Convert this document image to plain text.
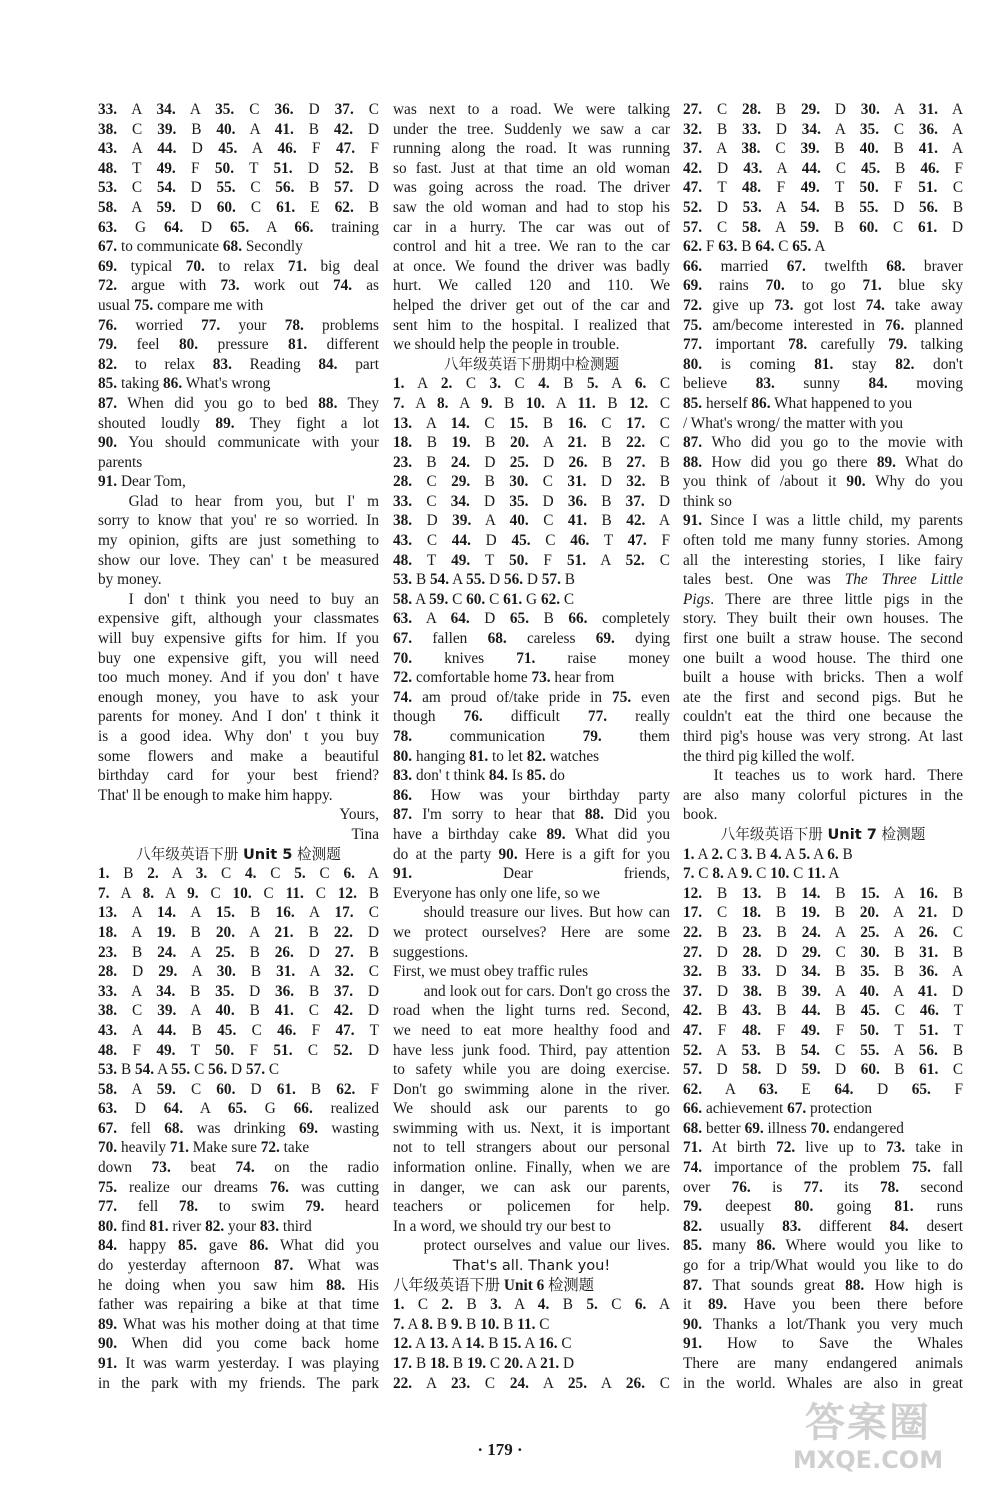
33. A 34. A 35. C 36. D 37. C
38. C 39. B 40. A 41. B 42. D
43. A 44. D 45. A 46. F 47. F
48. T 49. F 50. T 51. D 52. B
53. C 54. D 55. C 56. B 57. D
58. A 59. D 60. C 61. E 62. B
63. G 64. D 65. A 66. training
67. to communicate 68. Secondly
69. typical 70. to relax 71. big deal
72. argue with 73. work out 74. as
usual 75. compare me with
76. worried 77. your 78. problems
79. feel 80. pressure 81. different
82. to relax 83. Reading 84. part
85. taking 86. What's wrong
87. When did you go to bed 88. They
shouted loudly 89. They fight a lot
90. You should communicate with your
parents
91. Dear Tom,
Glad to hear from you, but I' m
sorry to know that you' re so worried. In
my opinion, gifts are just something to
show our love. They can' t be measured
by money.
I don' t think you need to buy an
expensive gift, although your classmates
will buy expensive gifts for him. If you
buy one expensive gift, you will need
too much money. And if you don' t have
enough money, you have to ask your
parents for money. And I don' t think it
is a good idea. Why don' t you buy
some flowers and make a beautiful
birthday card for your best friend?
That' ll be enough to make him happy.
Yours,
Tina
八年级英语下册 Unit 5 检测题
1. B 2. A 3. C 4. C 5. C 6. A
7. A 8. A 9. C 10. C 11. C 12. B
13. A 14. A 15. B 16. A 17. C
18. A 19. B 20. A 21. B 22. D
23. B 24. A 25. B 26. D 27. B
28. D 29. A 30. B 31. A 32. C
33. A 34. B 35. D 36. B 37. D
38. C 39. A 40. B 41. C 42. D
43. A 44. B 45. C 46. F 47. T
48. F 49. T 50. F 51. C 52. D
53. B 54. A 55. C 56. D 57. C
58. A 59. C 60. D 61. B 62. F
63. D 64. A 65. G 66. realized
67. fell 68. was drinking 69. wasting
70. heavily 71. Make sure 72. take
down 73. beat 74. on the radio
75. realize our dreams 76. was cutting
77. fell 78. to swim 79. heard
80. find 81. river 82. your 83. third
84. happy 85. gave 86. What did you
do yesterday afternoon 87. What was
he doing when you saw him 88. His
father was repairing a bike at that time
89. What was his mother doing at that time
90. When did you come back home
91. It was warm yesterday. I was playing
in the park with my friends. The park
was next to a road. We were talking
under the tree. Suddenly we saw a car
running along the road. It was running
so fast. Just at that time an old woman
was going across the road. The driver
saw the old woman and had to stop his
car in a hurry. The car was out of
control and hit a tree. We ran to the car
at once. We found the driver was badly
hurt. We called 120 and 110. We
helped the driver get out of the car and
sent him to the hospital. I realized that
we should help the people in trouble.
八年级英语下册期中检测题
1. A 2. C 3. C 4. B 5. A 6. C
7. A 8. A 9. B 10. A 11. B 12. C
13. A 14. C 15. B 16. C 17. C
18. B 19. B 20. A 21. B 22. C
23. B 24. D 25. D 26. B 27. B
28. C 29. B 30. C 31. D 32. B
33. C 34. D 35. D 36. B 37. D
38. D 39. A 40. C 41. B 42. A
43. C 44. D 45. C 46. T 47. F
48. T 49. T 50. F 51. A 52. C
53. B 54. A 55. D 56. D 57. B
58. A 59. C 60. C 61. G 62. C
63. A 64. D 65. B 66. completely
67. fallen 68. careless 69. dying
70. knives 71. raise money
72. comfortable home 73. hear from
74. am proud of/take pride in 75. even
though 76. difficult 77. really
78. communication 79. them
80. hanging 81. to let 82. watches
83. don' t think 84. Is 85. do
86. How was your birthday party
87. I'm sorry to hear that 88. Did you
have a birthday cake 89. What did you
do at the party 90. Here is a gift for you
91. Dear friends,
Everyone has only one life, so we
should treasure our lives. But how can
we protect ourselves? Here are some
suggestions.
First, we must obey traffic rules
and look out for cars. Don't go cross the
road when the light turns red. Second,
we need to eat more healthy food and
have less junk food. Third, pay attention
to safety while you are doing exercise.
Don't go swimming alone in the river.
We should ask our parents to go
swimming with us. Next, it is important
not to tell strangers about our personal
information online. Finally, when we are
in danger, we can ask our parents,
teachers or policemen for help.
In a word, we should try our best to
protect ourselves and value our lives.
That's all. Thank you!
八年级英语下册 Unit 6 检测题
1. C 2. B 3. A 4. B 5. C 6. A
7. A 8. B 9. B 10. B 11. C
12. A 13. A 14. B 15. A 16. C
17. B 18. B 19. C 20. A 21. D
22. A 23. C 24. A 25. A 26. C
27. C 28. B 29. D 30. A 31. A
32. B 33. D 34. A 35. C 36. A
37. A 38. C 39. B 40. B 41. A
42. D 43. A 44. C 45. B 46. F
47. T 48. F 49. T 50. F 51. C
52. D 53. A 54. B 55. D 56. B
57. C 58. A 59. B 60. C 61. D
62. F 63. B 64. C 65. A
66. married 67. twelfth 68. braver
69. rains 70. to go 71. blue sky
72. give up 73. got lost 74. take away
75. am/become interested in 76. planned
77. important 78. carefully 79. talking
80. is coming 81. stay 82. don't
believe 83. sunny 84. moving
85. herself 86. What happened to you
/ What's wrong/ the matter with you
87. Who did you go to the movie with
88. How did you go there 89. What do
you think of /about it 90. Why do you
think so
91. Since I was a little child, my parents
often told me many funny stories. Among
all the interesting stories, I like fairy
tales best. One was The Three Little
Pigs. There are three little pigs in the
story. They built their own houses. The
first one built a straw house. The second
one built a wood house. The third one
built a house with bricks. Then a wolf
ate the first and second pigs. But he
couldn't eat the third one because the
third pig's house was very strong. At last
the third pig killed the wolf.
It teaches us to work hard. There
are also many colorful pictures in the
book.
八年级英语下册 Unit 7 检测题
1. A 2. C 3. B 4. A 5. A 6. B
7. C 8. A 9. C 10. C 11. A
12. B 13. B 14. B 15. A 16. B
17. C 18. B 19. B 20. A 21. D
22. B 23. B 24. A 25. A 26. C
27. D 28. D 29. C 30. B 31. B
32. B 33. D 34. B 35. B 36. A
37. D 38. B 39. A 40. A 41. D
42. B 43. B 44. B 45. C 46. T
47. F 48. F 49. F 50. T 51. T
52. A 53. B 54. C 55. A 56. B
57. D 58. D 59. D 60. B 61. C
62. A 63. E 64. D 65. F
66. achievement 67. protection
68. better 69. illness 70. endangered
71. At birth 72. live up to 73. take in
74. importance of the problem 75. fall
over 76. is 77. its 78. second
79. deepest 80. going 81. runs
82. usually 83. different 84. desert
85. many 86. Where would you like to
go for a trip/What would you like to do
87. That sounds great 88. How high is
it 89. Have you been there before
90. Thanks a lot/Thank you very much
91. How to Save the Whales
There are many endangered animals
in the world. Whales are also in great
· 179 ·
答案圈
MXQE.COM
